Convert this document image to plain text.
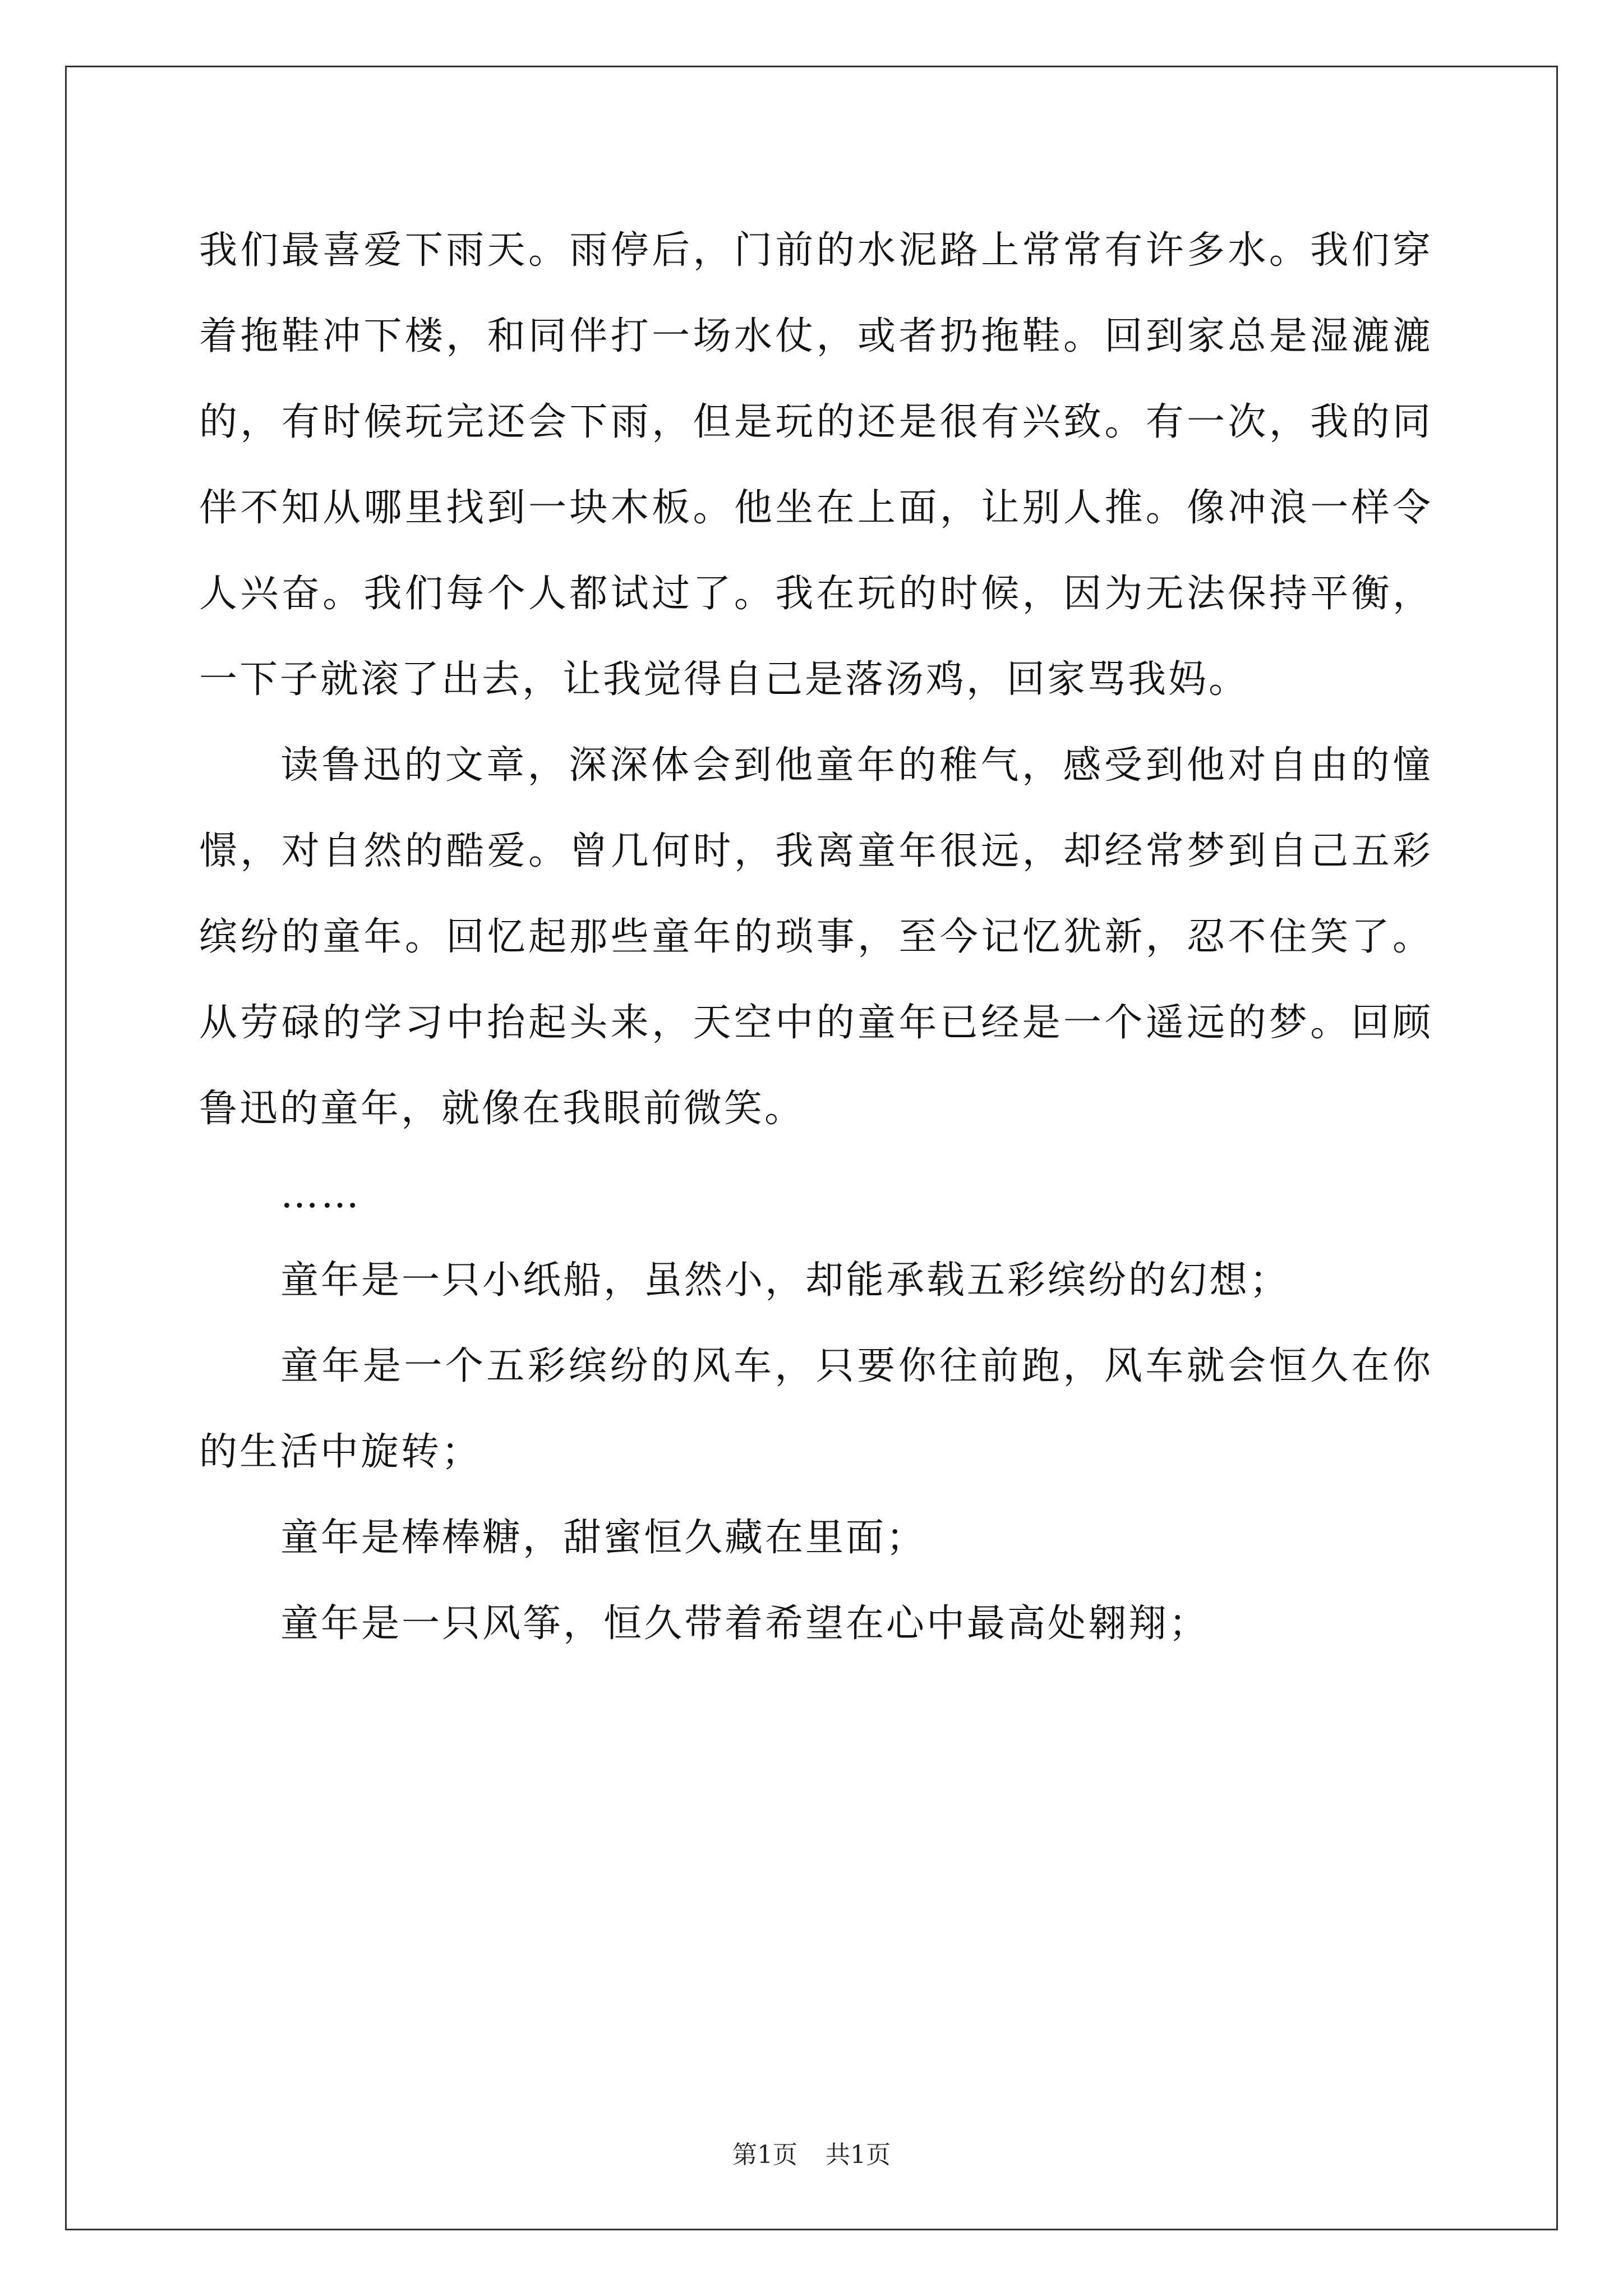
我们最喜爱下雨天。雨停后，门前的水泥路上常常有许多水。我们穿着拖鞋冲下楼，和同伴打一场水仗，或者扔拖鞋。回到家总是湿漉漉的，有时候玩完还会下雨，但是玩的还是很有兴致。有一次，我的同伴不知从哪里找到一块木板。他坐在上面，让别人推。像冲浪一样令人兴奋。我们每个人都试过了。我在玩的时候，因为无法保持平衡，一下子就滚了出去，让我觉得自己是落汤鸡，回家骂我妈。

读鲁迅的文章，深深体会到他童年的稚气，感受到他对自由的憧憬，对自然的酷爱。曾几何时，我离童年很远，却经常梦到自己五彩缤纷的童年。回忆起那些童年的琐事，至今记忆犹新，忍不住笑了。从劳碌的学习中抬起头来，天空中的童年已经是一个遥远的梦。回顾鲁迅的童年，就像在我眼前微笑。

……

童年是一只小纸船，虽然小，却能承载五彩缤纷的幻想；

童年是一个五彩缤纷的风车，只要你往前跑，风车就会恒久在你的生活中旋转；

童年是棒棒糖，甜蜜恒久藏在里面；

童年是一只风筝，恒久带着希望在心中最高处翱翔；

第1页 共1页
